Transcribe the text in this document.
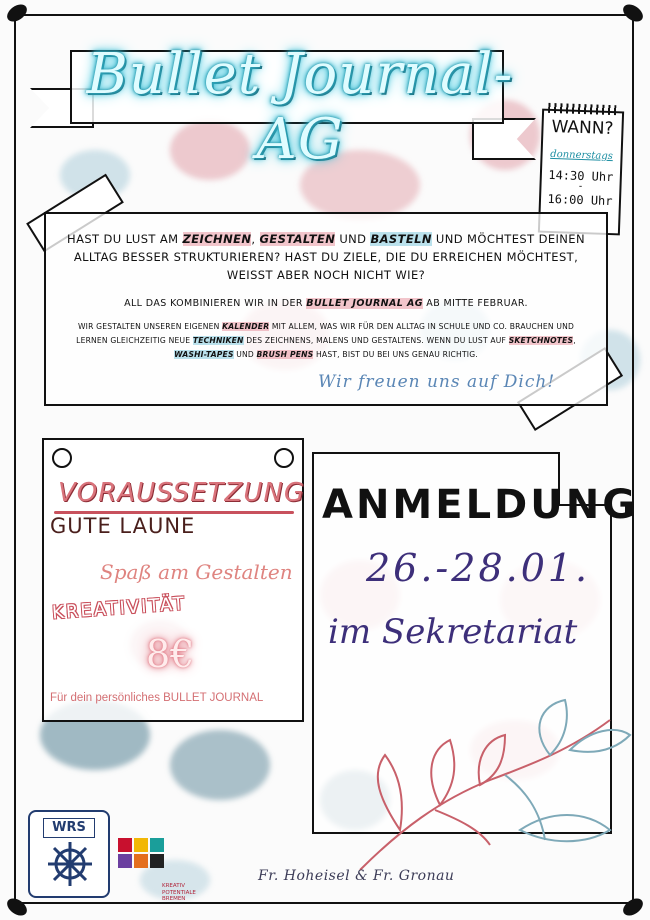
Bullet Journal-AG	WANN?
donnerstags
14:30 Uhr
-
16:00 Uhr

HAST DU LUST AM ZEICHNEN, GESTALTEN UND BASTELN UND MÖCHTEST DEINEN ALLTAG BESSER STRUKTURIEREN? HAST DU ZIELE, DIE DU ERREICHEN MÖCHTEST, WEISST ABER NOCH NICHT WIE?

ALL DAS KOMBINIEREN WIR IN DER BULLET JOURNAL AG AB MITTE FEBRUAR.

WIR GESTALTEN UNSEREN EIGENEN KALENDER MIT ALLEM, WAS WIR FÜR DEN ALLTAG IN SCHULE UND CO. BRAUCHEN UND LERNEN GLEICHZEITIG NEUE TECHNIKEN DES ZEICHNENS, MALENS UND GESTALTENS. WENN DU LUST AUF SKETCHNOTES, WASHI-TAPES UND BRUSH PENS HAST, BIST DU BEI UNS GENAU RICHTIG.

Wir freuen uns auf Dich!
VORAUSSETZUNG
GUTE LAUNE
Spaß am Gestalten
KREATIVITÄT
8€
Für dein persönliches BULLET JOURNAL
ANMELDUNG
26.-28.01.
im Sekretariat
WRS
KREATIV
POTENTIALE
BREMEN
Fr. Hoheisel & Fr. Gronau
